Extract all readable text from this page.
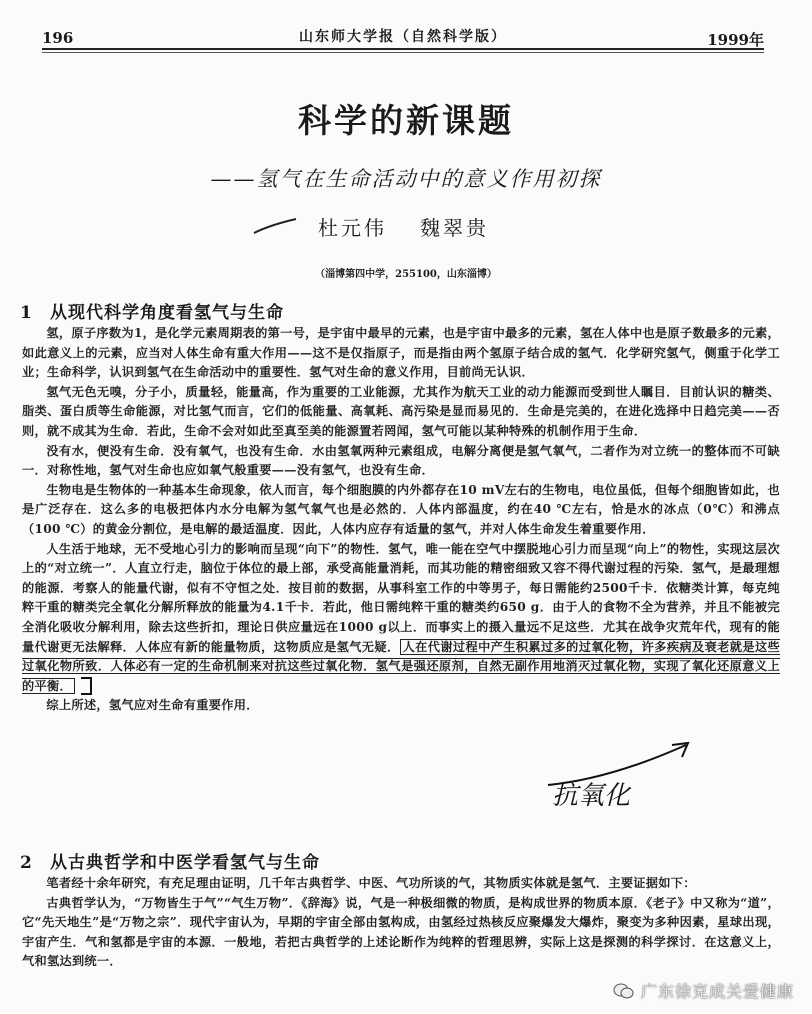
196	山东师大学报（自然科学版）	1999年
科学的新课题
——氢气在生命活动中的意义作用初探
杜元伟 魏翠贵
（淄博第四中学，255100，山东淄博）
1 从现代科学角度看氢气与生命

氢，原子序数为1，是化学元素周期表的第一号，是宇宙中最早的元素，也是宇宙中最多的元素，氢在人体中也是原子数最多的元素，如此意义上的元素，应当对人体生命有重大作用——这不是仅指原子，而是指由两个氢原子结合成的氢气．化学研究氢气，侧重于化学工业；生命科学，认识到氢气在生命活动中的重要性．氢气对生命的意义作用，目前尚无认识．

氢气无色无嗅，分子小，质量轻，能量高，作为重要的工业能源，尤其作为航天工业的动力能源而受到世人瞩目．目前认识的糖类、脂类、蛋白质等生命能源，对比氢气而言，它们的低能量、高氧耗、高污染是显而易见的．生命是完美的，在进化选择中日趋完美——否则，就不成其为生命．若此，生命不会对如此至真至美的能源置若罔闻，氢气可能以某种特殊的机制作用于生命．

没有水，便没有生命．没有氧气，也没有生命．水由氢氧两种元素组成，电解分离便是氢气氧气，二者作为对立统一的整体而不可缺一．对称性地，氢气对生命也应如氧气般重要——没有氢气，也没有生命．

生物电是生物体的一种基本生命现象，依人而言，每个细胞膜的内外都存在10 mV左右的生物电，电位虽低，但每个细胞皆如此，也是广泛存在．这么多的电极把体内水分电解为氢气氧气也是必然的．人体内部温度，约在40 ℃左右，恰是水的冰点（0℃）和沸点（100 ℃）的黄金分割位，是电解的最适温度．因此，人体内应存有适量的氢气，并对人体生命发生着重要作用．

人生活于地球，无不受地心引力的影响而呈现“向下”的物性．氢气，唯一能在空气中摆脱地心引力而呈现“向上”的物性，实现这层次上的“对立统一”．人直立行走，脑位于体位的最上部，承受高能量消耗，而其功能的精密细致又容不得代谢过程的污染．氢气，是最理想的能源．考察人的能量代谢，似有不守恒之处．按目前的数据，从事科室工作的中等男子，每日需能约2500千卡．依糖类计算，每克纯粹干重的糖类完全氧化分解所释放的能量为4.1千卡．若此，他日需纯粹干重的糖类约650 g．由于人的食物不全为营养，并且不能被完全消化吸收分解利用，除去这些折扣，理论日供应量远在1000 g以上．而事实上的摄入量远不足这些．尤其在战争灾荒年代，现有的能量代谢更无法解释．人体应有新的能量物质，这物质应是氢气无疑． 人在代谢过程中产生积累过多的过氧化物，许多疾病及衰老就是这些过氧化物所致．人体必有一定的生命机制来对抗这些过氧化物．氢气是强还原剂，自然无副作用地消灭过氧化物，实现了氧化还原意义上的平衡．

综上所述，氢气应对生命有重要作用．

抗氧化
2 从古典哲学和中医学看氢气与生命

笔者经十余年研究，有充足理由证明，几千年古典哲学、中医、气功所谈的气，其物质实体就是氢气．主要证据如下：

古典哲学认为，“万物皆生于气”“气生万物”．《辞海》说，气是一种极细微的物质，是构成世界的物质本原．《老子》中又称为“道”，它“先天地生”是“万物之宗”．现代宇宙认为，早期的宇宙全部由氢构成，由氢经过热核反应聚爆发大爆炸，聚变为多种因素，星球出现，宇宙产生．气和氢都是宇宙的本源．一般地，若把古典哲学的上述论断作为纯粹的哲理思辨，实际上这是探测的科学探讨．在这意义上，气和氢达到统一．

广东徐克成关爱健康
